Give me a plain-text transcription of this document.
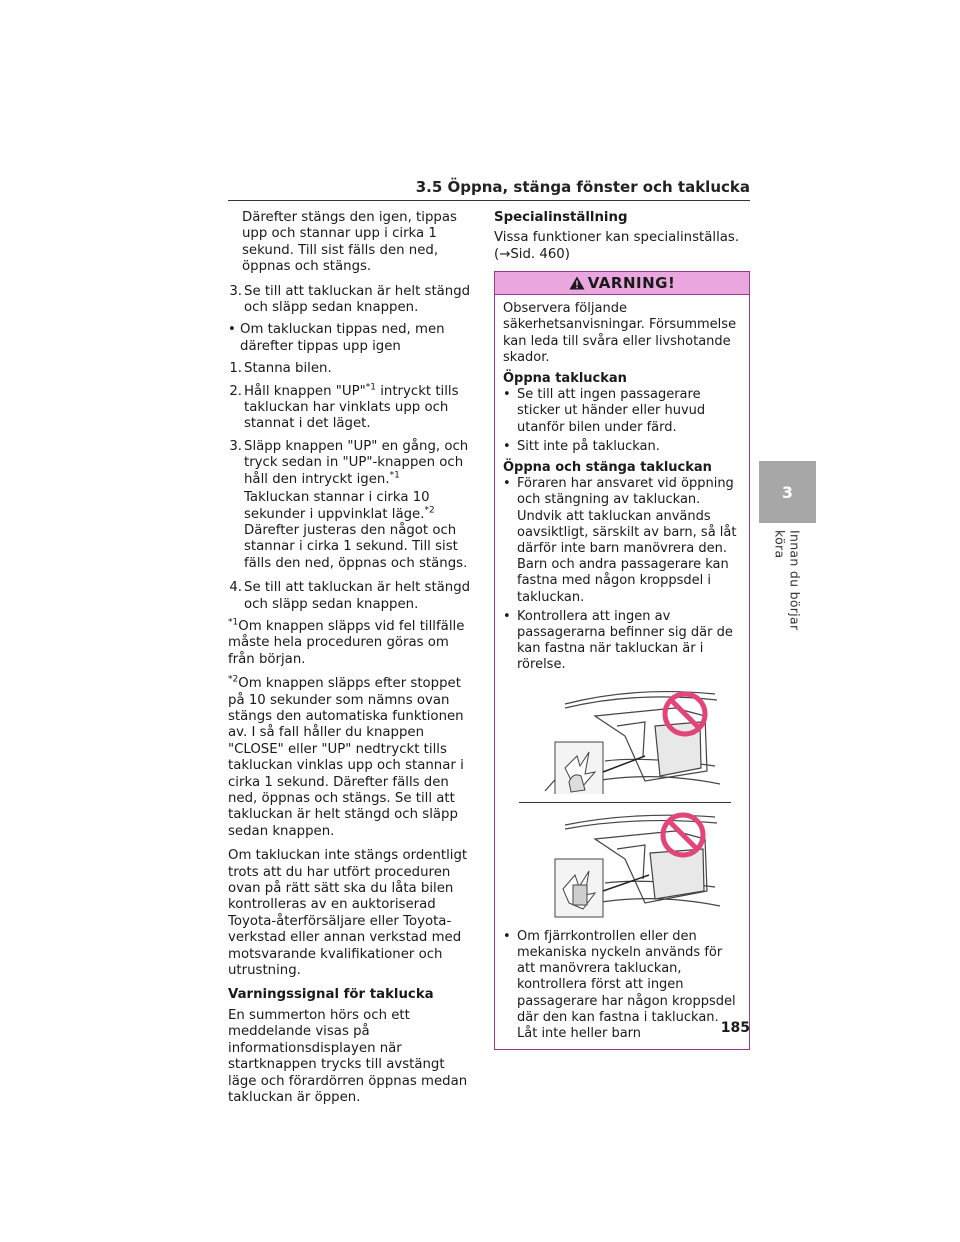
3.5 Öppna, stänga fönster och taklucka

Därefter stängs den igen, tippas upp och stannar upp i cirka 1 sekund. Till sist fälls den ned, öppnas och stängs.

3. Se till att takluckan är helt stängd och släpp sedan knappen.
• Om takluckan tippas ned, men därefter tippas upp igen
1. Stanna bilen.
2. Håll knappen "UP"$^{*1}$ intryckt tills takluckan har vinklats upp och stannat i det läget.
3. Släpp knappen "UP" en gång, och tryck sedan in "UP"-knappen och håll den intryckt igen.$^{*1}$

Takluckan stannar i cirka 10 sekunder i uppvinklat läge.$^{*2}$ Därefter justeras den något och stannar i cirka 1 sekund. Till sist fälls den ned, öppnas och stängs.

4. Se till att takluckan är helt stängd och släpp sedan knappen.

$^{*1}$Om knappen släpps vid fel tillfälle måste hela proceduren göras om från början.

$^{*2}$Om knappen släpps efter stoppet på 10 sekunder som nämns ovan stängs den automatiska funktionen av. I så fall håller du knappen "CLOSE" eller "UP" nedtryckt tills takluckan vinklas upp och stannar i cirka 1 sekund. Därefter fälls den ned, öppnas och stängs. Se till att takluckan är helt stängd och släpp sedan knappen.

Om takluckan inte stängs ordentligt trots att du har utfört proceduren ovan på rätt sätt ska du låta bilen kontrolleras av en auktoriserad Toyota-återförsäljare eller Toyota-verkstad eller annan verkstad med motsvarande kvalifikationer och utrustning.

Varningssignal för taklucka

En summerton hörs och ett meddelande visas på informationsdisplayen när startknappen trycks till avstängt läge och förardörren öppnas medan takluckan är öppen.

Specialinställning

Vissa funktioner kan specialinställas. (→Sid. 460)

VARNING!

Observera följande säkerhetsanvisningar. Försummelse kan leda till svåra eller livshotande skador.

Öppna takluckan
• Se till att ingen passagerare sticker ut händer eller huvud utanför bilen under färd.
• Sitt inte på takluckan.
Öppna och stänga takluckan
• Föraren har ansvaret vid öppning och stängning av takluckan. Undvik att takluckan används oavsiktligt, särskilt av barn, så låt därför inte barn manövrera den. Barn och andra passagerare kan fastna med någon kroppsdel i takluckan.
• Kontrollera att ingen av passagerarna befinner sig där de kan fastna när takluckan är i rörelse.
• Om fjärrkontrollen eller den mekaniska nyckeln används för att manövrera takluckan, kontrollera först att ingen passagerare har någon kroppsdel där den kan fastna i takluckan. Låt inte heller barn
3
Innan du börjar köra
185
